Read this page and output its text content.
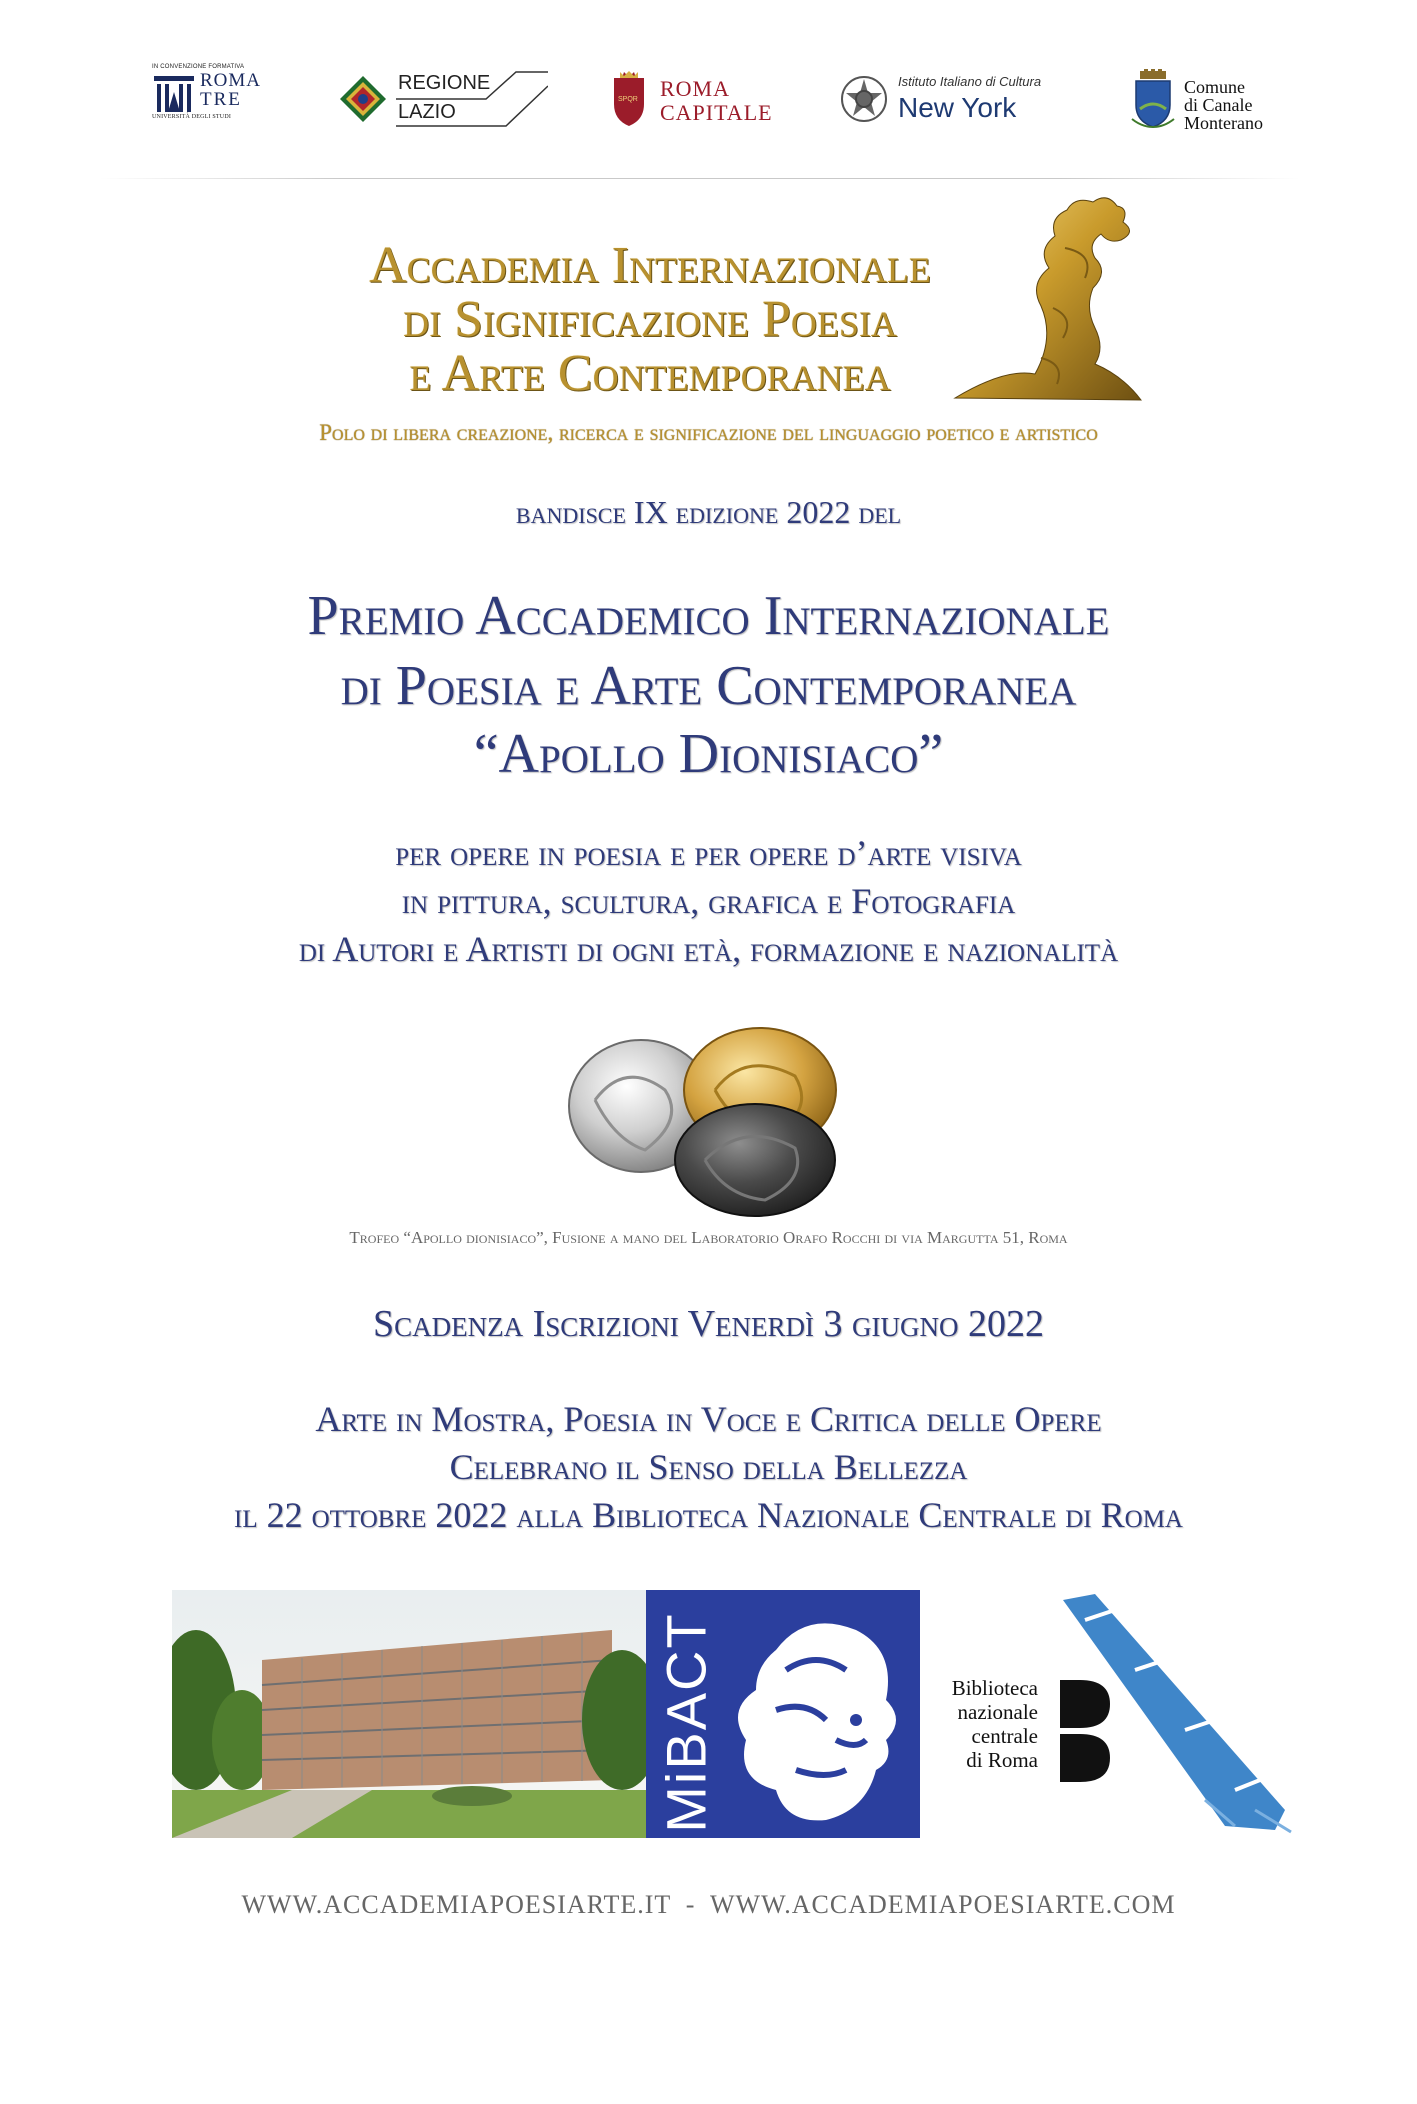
IN CONVENZIONE FORMATIVA
ROMA
TRE
UNIVERSITÀ DEGLI STUDI
REGIONE
LAZIO
SPQR ROMA
CAPITALE
Istituto Italiano di Cultura
New York
Comune
di Canale
Monterano
Accademia Internazionale
di Significazione Poesia
e Arte Contemporanea
Polo di libera creazione, ricerca e significazione del linguaggio poetico e artistico
bandisce IX edizione 2022 del
Premio Accademico Internazionale
di Poesia e Arte Contemporanea
“Apollo Dionisiaco”
per opere in poesia e per opere d’arte visiva
in pittura, scultura, grafica e Fotografia
di Autori e Artisti di ogni età, formazione e nazionalità
Trofeo “Apollo dionisiaco”, Fusione a mano del Laboratorio Orafo Rocchi di via Margutta 51, Roma
Scadenza Iscrizioni Venerdì 3 giugno 2022
Arte in Mostra, Poesia in Voce e Critica delle Opere
Celebrano il Senso della Bellezza
il 22 ottobre 2022 alla Biblioteca Nazionale Centrale di Roma
MiBACT	Biblioteca
nazionale
centrale
di Roma
WWW.ACCADEMIAPOESIARTE.IT  -  WWW.ACCADEMIAPOESIARTE.COM
